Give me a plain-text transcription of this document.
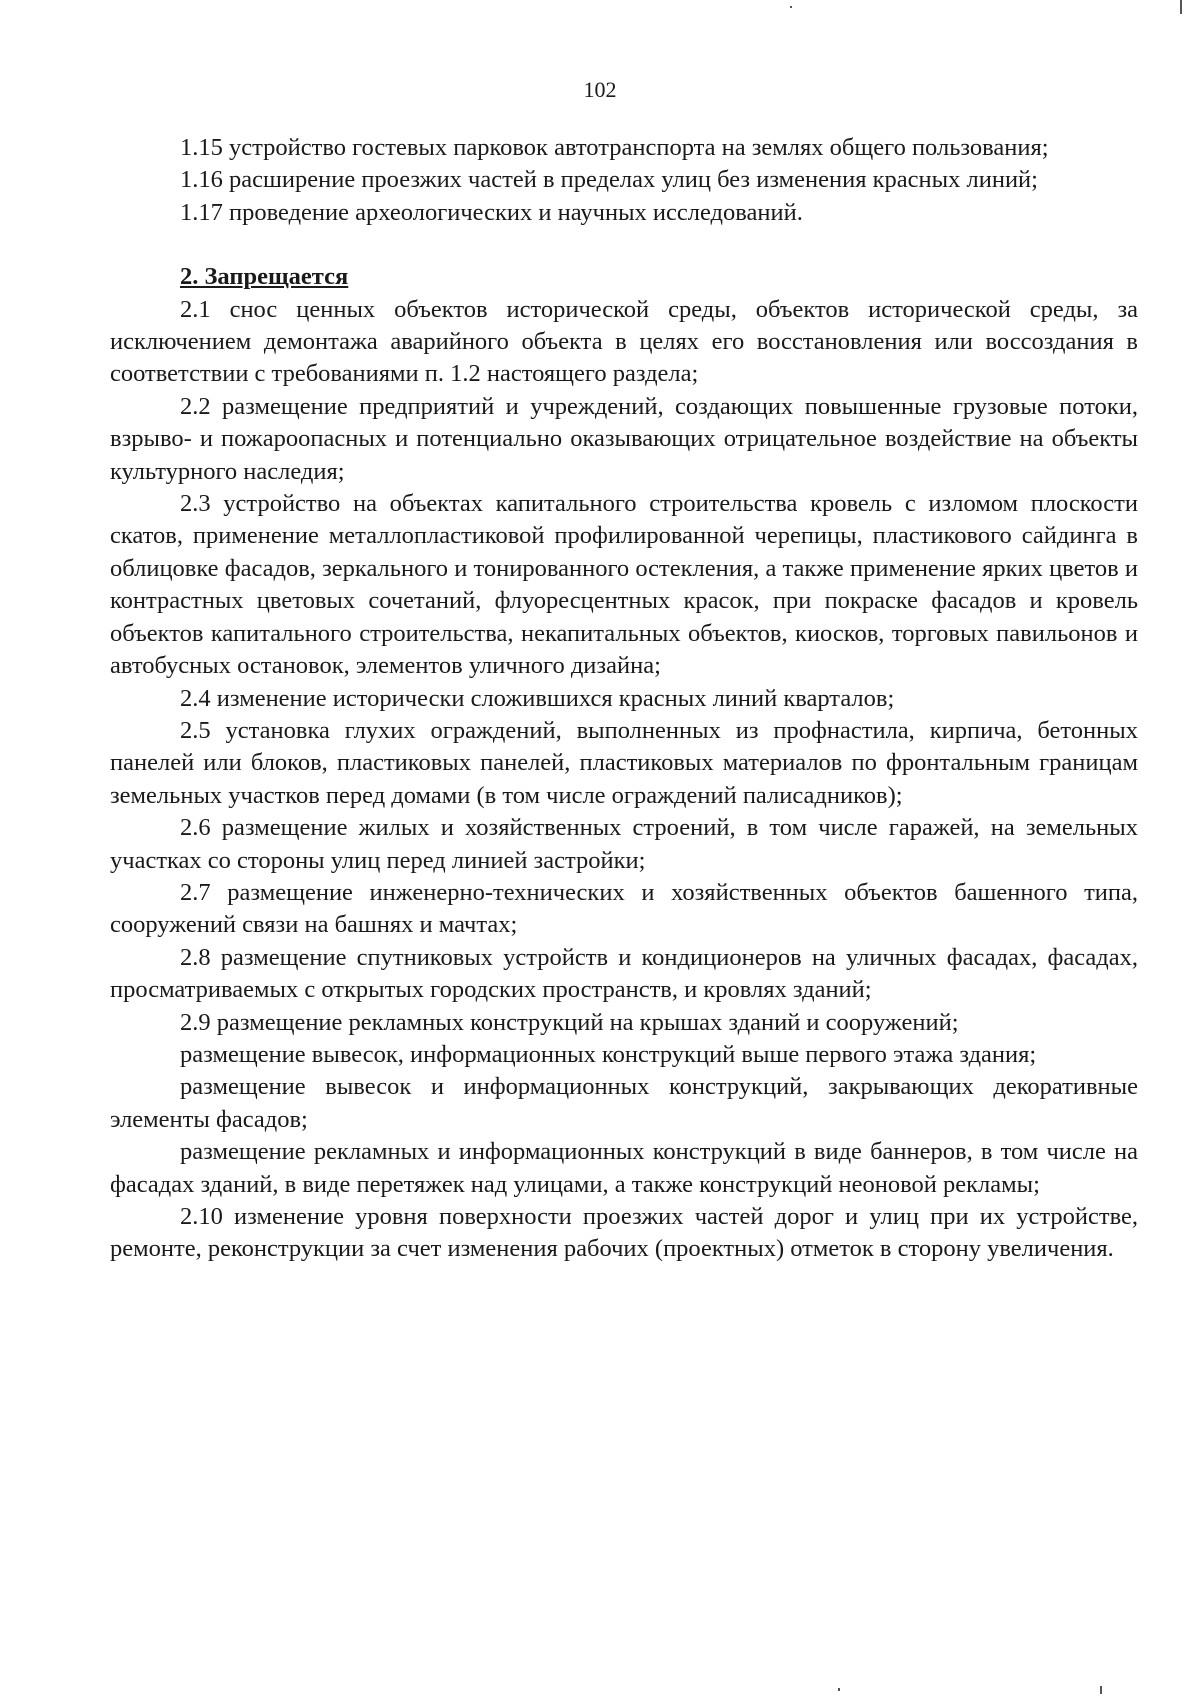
102

1.15 устройство гостевых парковок автотранспорта на землях общего пользования;

1.16 расширение проезжих частей в пределах улиц без изменения красных линий;

1.17 проведение археологических и научных исследований.

2. Запрещается

2.1 снос ценных объектов исторической среды, объектов исторической среды, за исключением демонтажа аварийного объекта в целях его восстановления или воссоздания в соответствии с требованиями п. 1.2 настоящего раздела;

2.2 размещение предприятий и учреждений, создающих повышенные грузовые потоки, взрыво- и пожароопасных и потенциально оказывающих отрицательное воздействие на объекты культурного наследия;

2.3 устройство на объектах капитального строительства кровель с изломом плоскости скатов, применение металлопластиковой профилированной черепицы, пластикового сайдинга в облицовке фасадов, зеркального и тонированного остекления, а также применение ярких цветов и контрастных цветовых сочетаний, флуоресцентных красок, при покраске фасадов и кровель объектов капитального строительства, некапитальных объектов, киосков, торговых павильонов и автобусных остановок, элементов уличного дизайна;

2.4 изменение исторически сложившихся красных линий кварталов;

2.5 установка глухих ограждений, выполненных из профнастила, кирпича, бетонных панелей или блоков, пластиковых панелей, пластиковых материалов по фронтальным границам земельных участков перед домами (в том числе ограждений палисадников);

2.6 размещение жилых и хозяйственных строений, в том числе гаражей, на земельных участках со стороны улиц перед линией застройки;

2.7 размещение инженерно-технических и хозяйственных объектов башенного типа, сооружений связи на башнях и мачтах;

2.8 размещение спутниковых устройств и кондиционеров на уличных фасадах, фасадах, просматриваемых с открытых городских пространств, и кровлях зданий;

2.9 размещение рекламных конструкций на крышах зданий и сооружений;

размещение вывесок, информационных конструкций выше первого этажа здания;

размещение вывесок и информационных конструкций, закрывающих декоративные элементы фасадов;

размещение рекламных и информационных конструкций в виде баннеров, в том числе на фасадах зданий, в виде перетяжек над улицами, а также конструкций неоновой рекламы;

2.10 изменение уровня поверхности проезжих частей дорог и улиц при их устройстве, ремонте, реконструкции за счет изменения рабочих (проектных) отметок в сторону увеличения.
